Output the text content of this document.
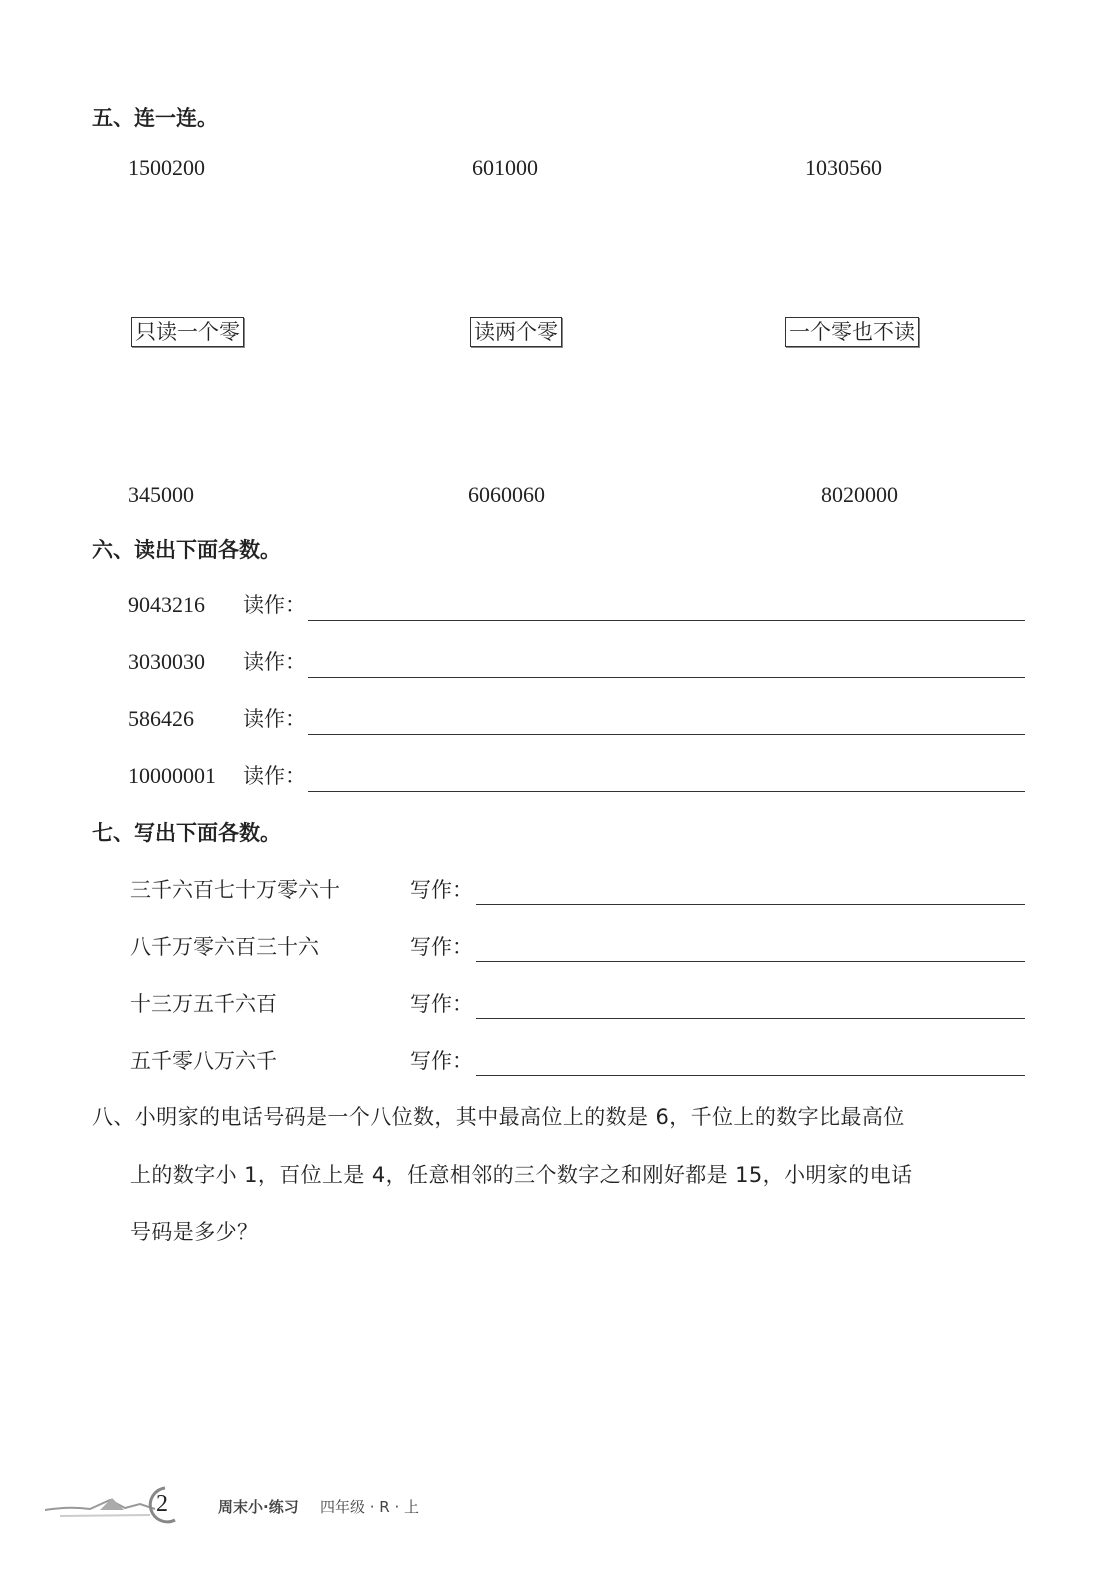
五、连一连。
1500200	601000	1030560
只读一个零	读两个零	一个零也不读
345000	6060060	8020000
六、读出下面各数。
9043216 读作：
3030030 读作：
586426 读作：
10000001 读作：
七、写出下面各数。
三千六百七十万零六十	写作：
八千万零六百三十六	写作：
十三万五千六百	写作：
五千零八万六千	写作：
八、小明家的电话号码是一个八位数，其中最高位上的数是 6，千位上的数字比最高位
上的数字小 1，百位上是 4，任意相邻的三个数字之和刚好都是 15，小明家的电话
号码是多少？
2	周末小·练习 四年级 · R · 上
